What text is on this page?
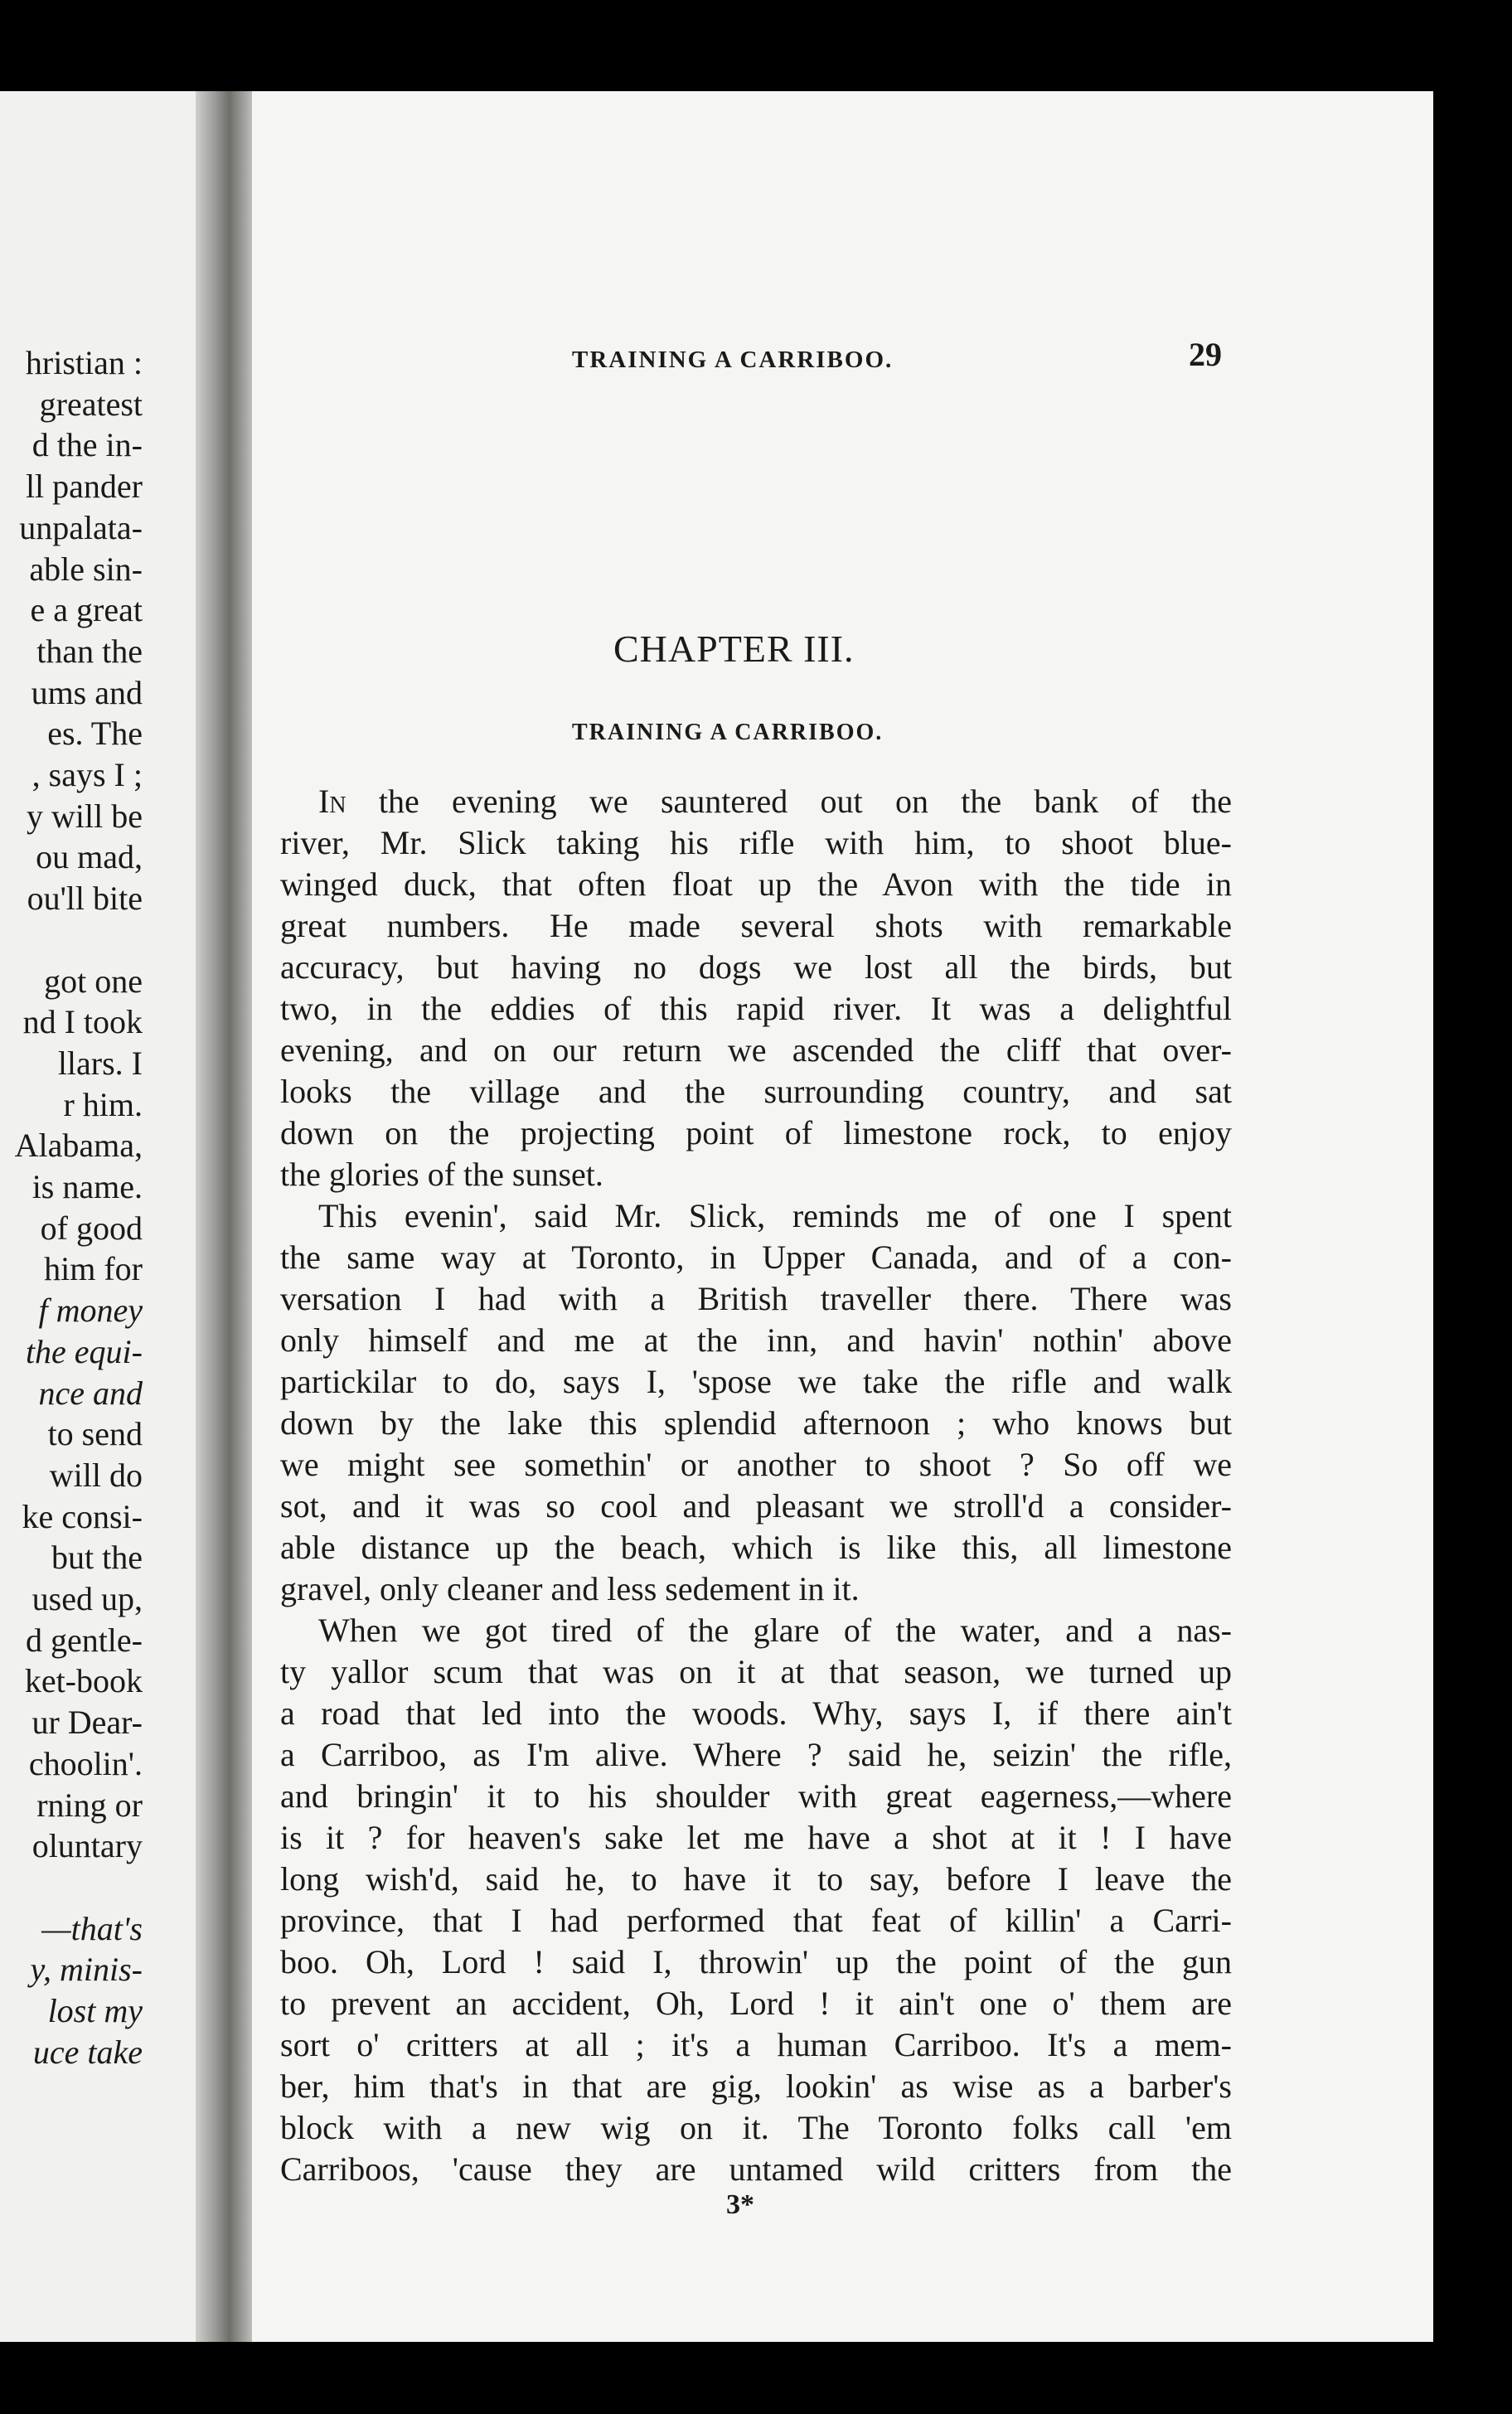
hristian :
greatest
d the in-
ll pander
unpalata-
able sin-
e a great
than the
ums and
es. The
, says I ;
y will be
ou mad,
ou'll bite
got one
nd I took
llars. I
r him.
Alabama,
is name.
of good
him for
f money
the equi-
nce and
to send
will do
ke consi-
but the
used up,
d gentle-
ket-book
ur Dear-
choolin'.
rning or
oluntary
—that's
y, minis-
lost my
uce take
TRAINING A CARRIBOO.	29
CHAPTER III.
TRAINING A CARRIBOO.
In the evening we sauntered out on the bank of the
river, Mr. Slick taking his rifle with him, to shoot blue-
winged duck, that often float up the Avon with the tide in
great numbers. He made several shots with remarkable
accuracy, but having no dogs we lost all the birds, but
two, in the eddies of this rapid river. It was a delightful
evening, and on our return we ascended the cliff that over-
looks the village and the surrounding country, and sat
down on the projecting point of limestone rock, to enjoy
the glories of the sunset.
This evenin', said Mr. Slick, reminds me of one I spent
the same way at Toronto, in Upper Canada, and of a con-
versation I had with a British traveller there. There was
only himself and me at the inn, and havin' nothin' above
partickilar to do, says I, 'spose we take the rifle and walk
down by the lake this splendid afternoon ; who knows but
we might see somethin' or another to shoot ? So off we
sot, and it was so cool and pleasant we stroll'd a consider-
able distance up the beach, which is like this, all limestone
gravel, only cleaner and less sedement in it.
When we got tired of the glare of the water, and a nas-
ty yallor scum that was on it at that season, we turned up
a road that led into the woods. Why, says I, if there ain't
a Carriboo, as I'm alive. Where ? said he, seizin' the rifle,
and bringin' it to his shoulder with great eagerness,—where
is it ? for heaven's sake let me have a shot at it ! I have
long wish'd, said he, to have it to say, before I leave the
province, that I had performed that feat of killin' a Carri-
boo. Oh, Lord ! said I, throwin' up the point of the gun
to prevent an accident, Oh, Lord ! it ain't one o' them are
sort o' critters at all ; it's a human Carriboo. It's a mem-
ber, him that's in that are gig, lookin' as wise as a barber's
block with a new wig on it. The Toronto folks call 'em
Carriboos, 'cause they are untamed wild critters from the
3*
